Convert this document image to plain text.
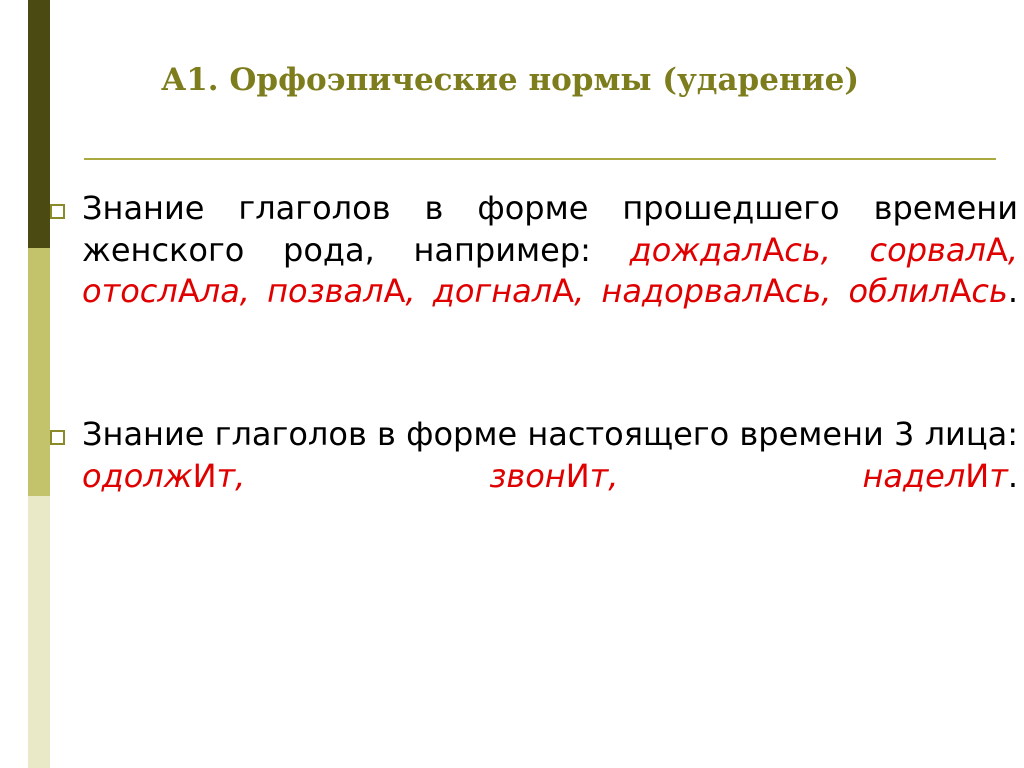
А1. Орфоэпические нормы (ударение)
Знание глаголов в форме прошедшего времени женского рода, например: дождалАсь, сорвалА, отослАла, позвалА, догналА, надорвалАсь, облилАсь.
Знание глаголов в форме настоящего времени 3 лица: одолжИт, звонИт, наделИт.
